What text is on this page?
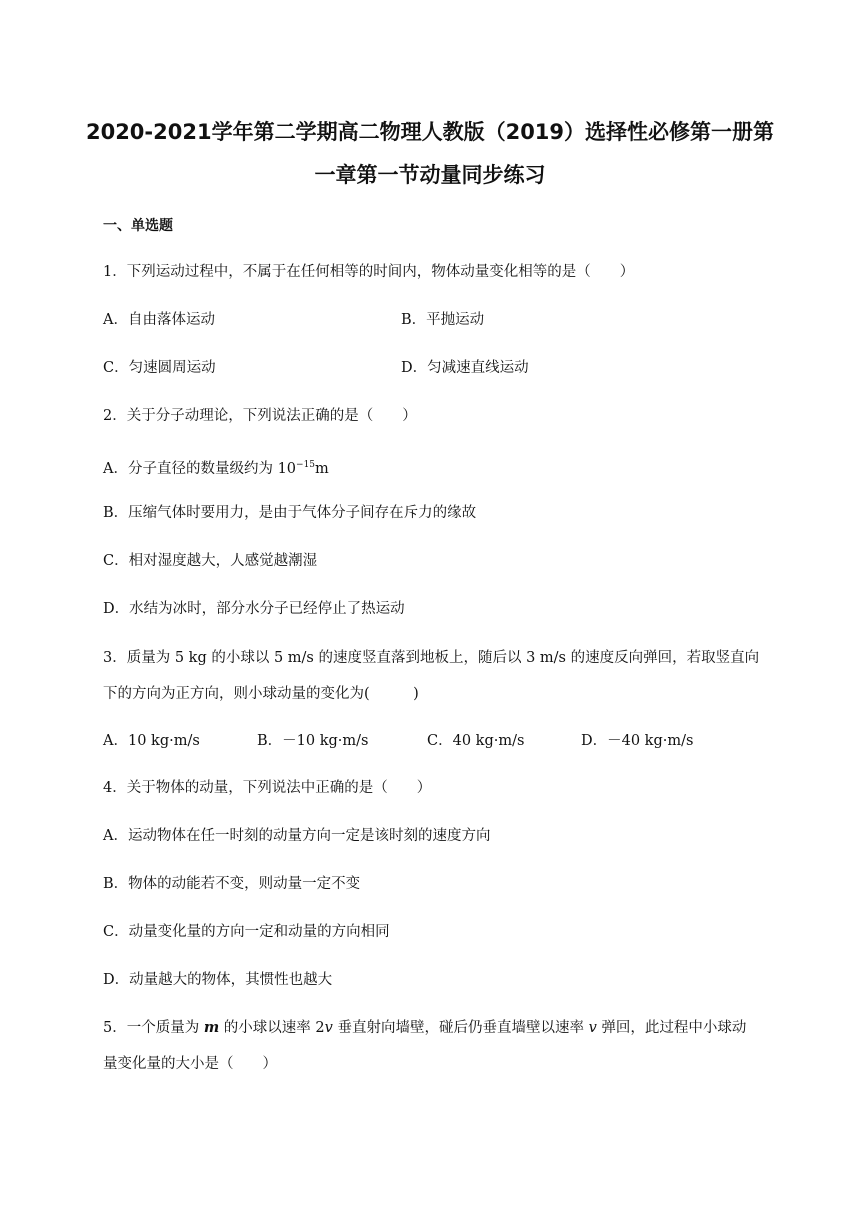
2020-2021学年第二学期高二物理人教版（2019）选择性必修第一册第
一章第一节动量同步练习
一、单选题
1．下列运动过程中，不属于在任何相等的时间内，物体动量变化相等的是（　　）
A．自由落体运动	B．平抛运动
C．匀速圆周运动	D．匀减速直线运动
2．关于分子动理论，下列说法正确的是（　　）
A．分子直径的数量级约为 $10^{-15}m$
B．压缩气体时要用力，是由于气体分子间存在斥力的缘故
C．相对湿度越大，人感觉越潮湿
D．水结为冰时，部分水分子已经停止了热运动
3．质量为 5 kg 的小球以 5 m/s 的速度竖直落到地板上，随后以 3 m/s 的速度反向弹回，若取竖直向
下的方向为正方向，则小球动量的变化为(　　　)
A．10 kg·m/s	B．－10 kg·m/s	C．40 kg·m/s	D．－40 kg·m/s
4．关于物体的动量，下列说法中正确的是（　　）
A．运动物体在任一时刻的动量方向一定是该时刻的速度方向
B．物体的动能若不变，则动量一定不变
C．动量变化量的方向一定和动量的方向相同
D．动量越大的物体，其惯性也越大
5．一个质量为 m 的小球以速率 2v 垂直射向墙壁，碰后仍垂直墙壁以速率 v 弹回，此过程中小球动
量变化量的大小是（　　）
